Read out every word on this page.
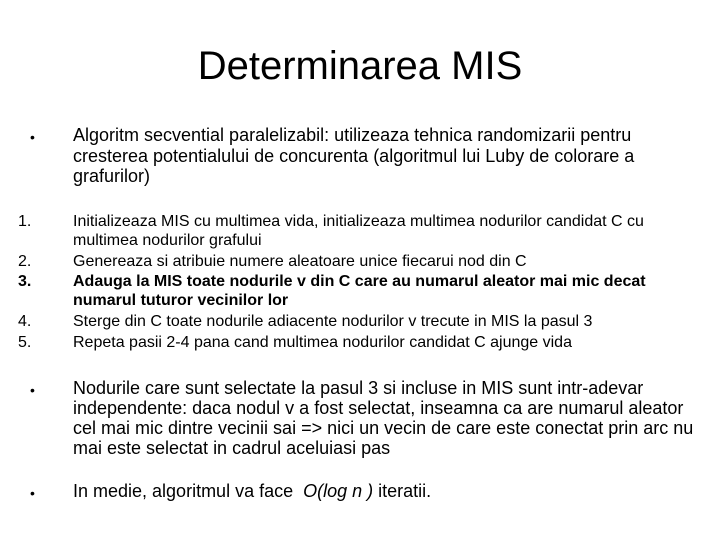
Determinarea MIS
• Algoritm secvential paralelizabil: utilizeaza tehnica randomizarii pentru cresterea potentialului de concurenta (algoritmul lui Luby de colorare a grafurilor)
1.	Initializeaza MIS cu multimea vida, initializeaza multimea nodurilor candidat C cu multimea nodurilor grafului
2.	Genereaza si atribuie numere aleatoare unice fiecarui nod din C
3.	Adauga la MIS toate nodurile v din C care au numarul aleator mai mic decat numarul tuturor vecinilor lor
4.	Sterge din C toate nodurile adiacente nodurilor v trecute in MIS la pasul 3
5.	Repeta pasii 2-4 pana cand multimea nodurilor candidat C ajunge vida
• Nodurile care sunt selectate la pasul 3 si incluse in MIS sunt intr-adevar independente: daca nodul v a fost selectat, inseamna ca are numarul aleator cel mai mic dintre vecinii sai => nici un vecin de care este conectat prin arc nu mai este selectat in cadrul aceluiasi pas
• In medie, algoritmul va face  O(log n ) iteratii.
